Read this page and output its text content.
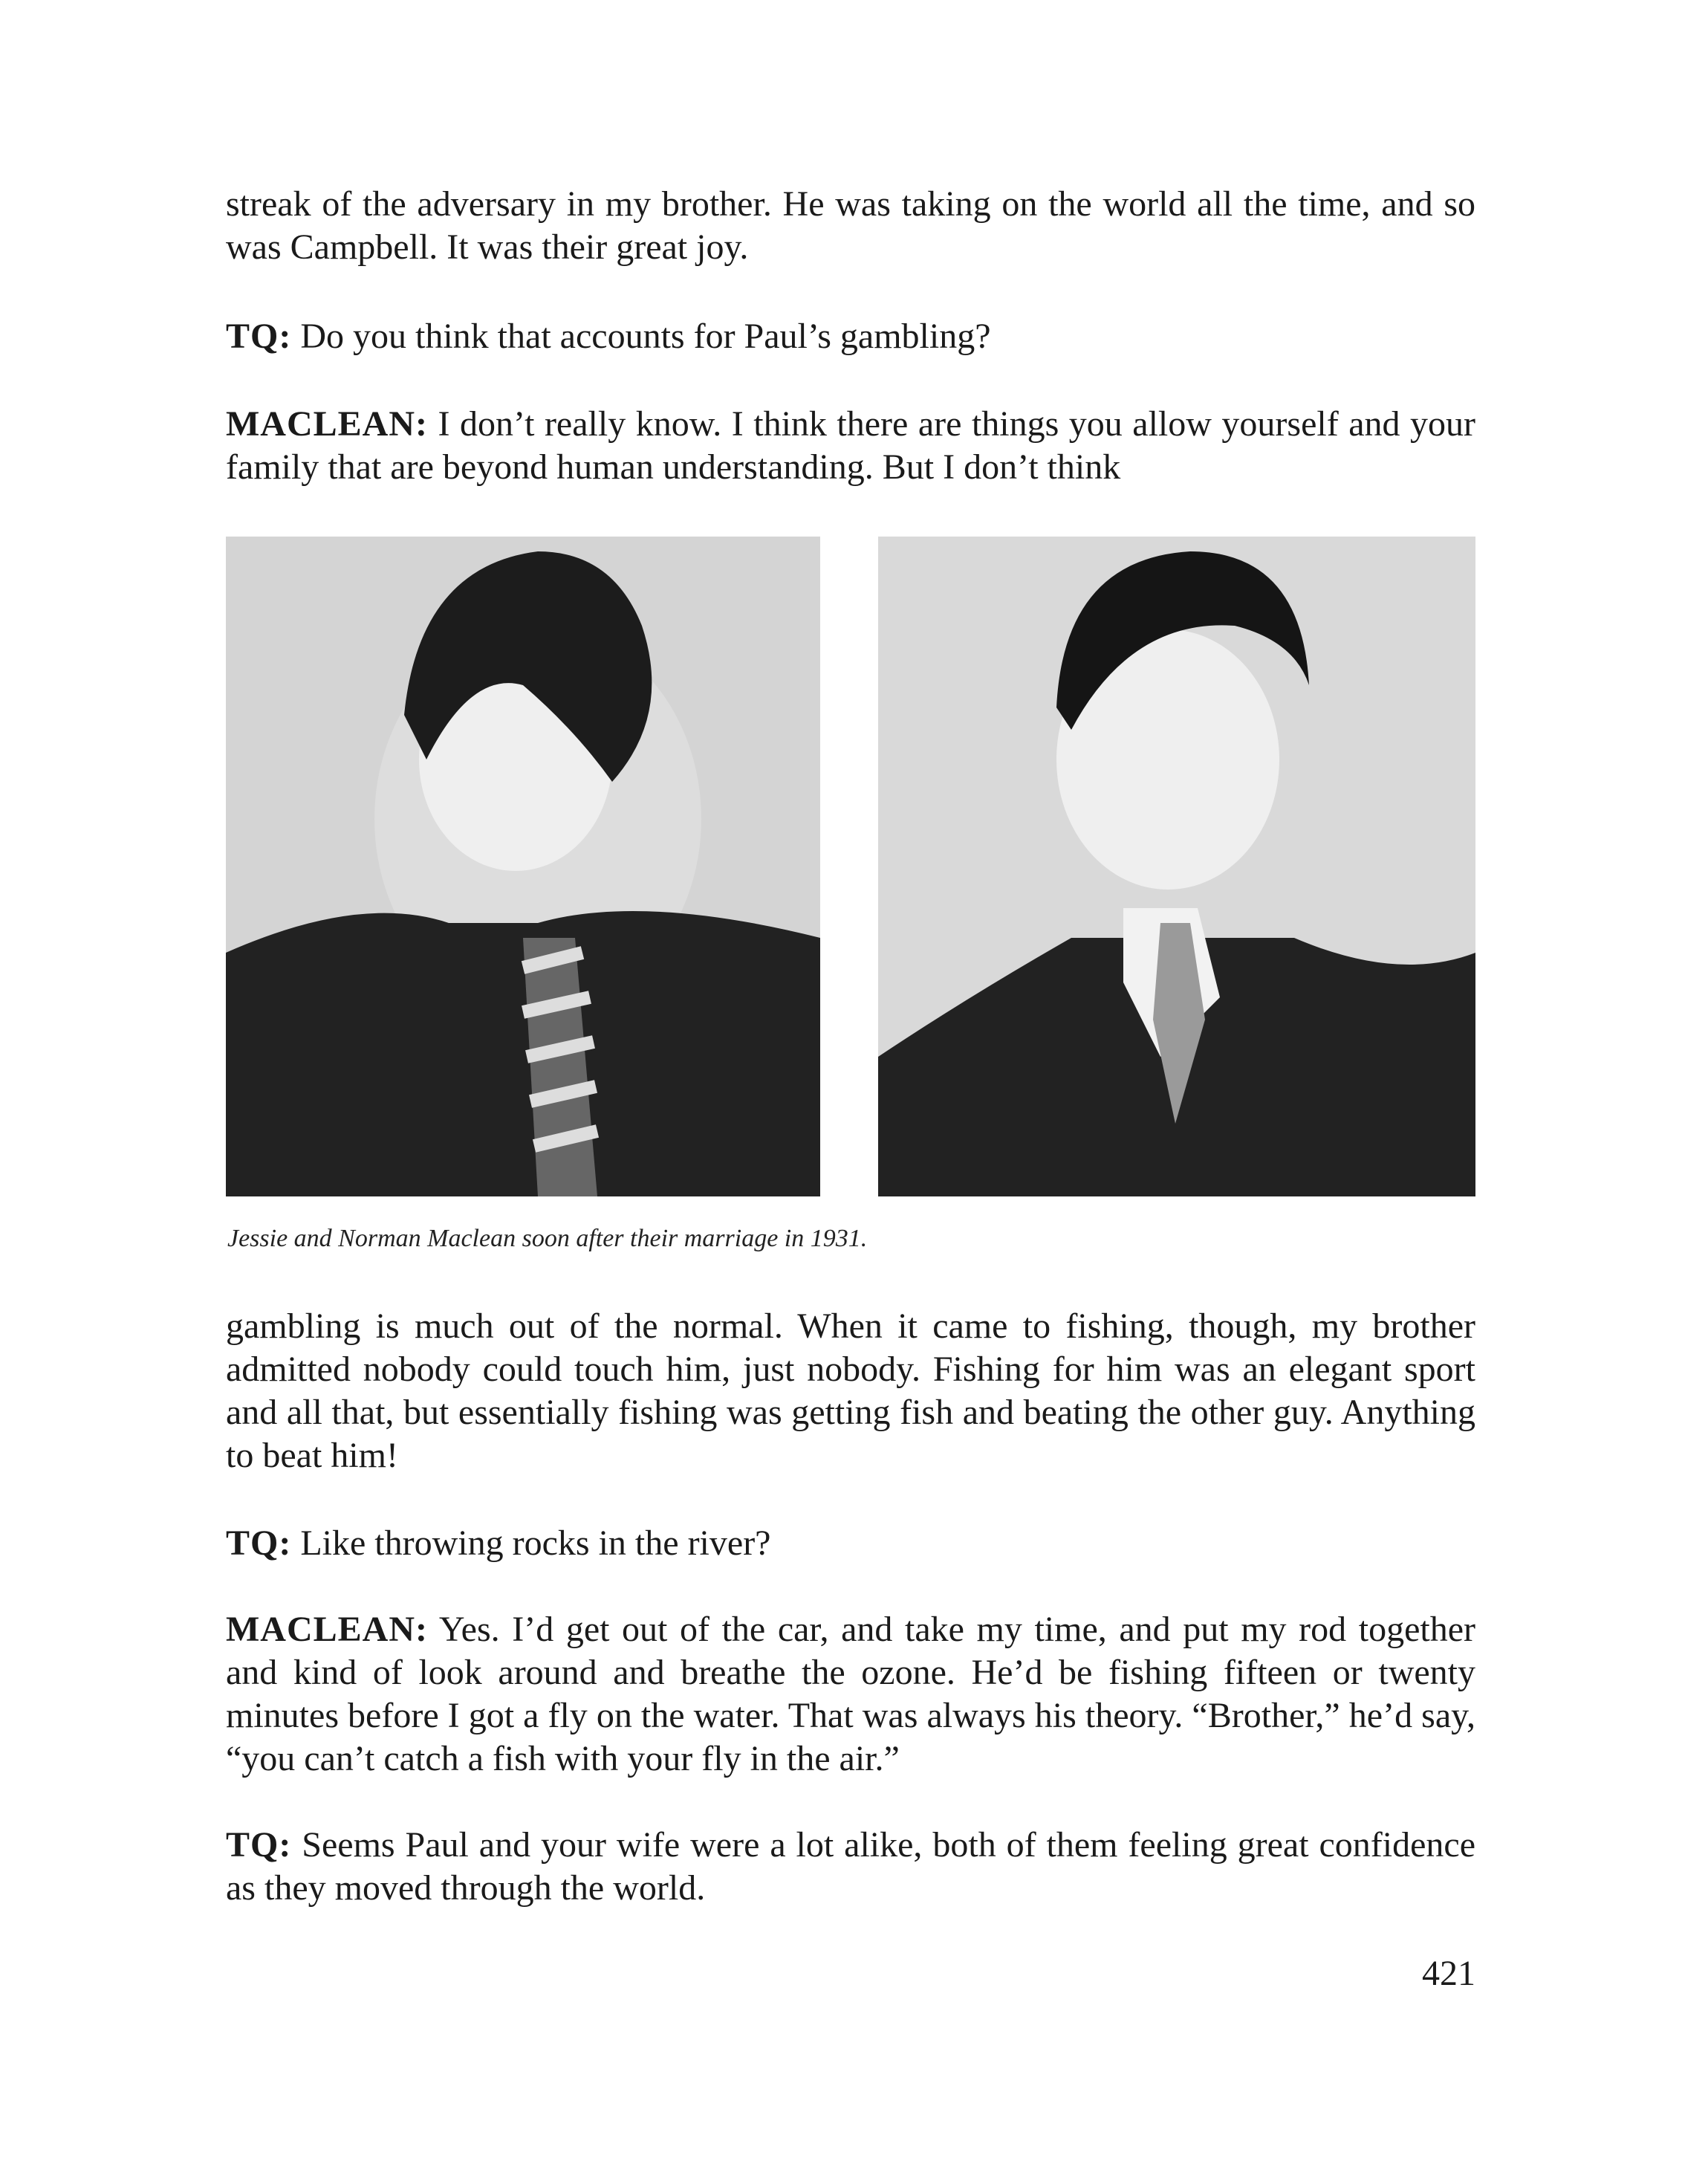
streak of the adversary in my brother. He was taking on the world all the time, and so was Campbell. It was their great joy.

TQ: Do you think that accounts for Paul’s gambling?

MACLEAN: I don’t really know. I think there are things you allow yourself and your family that are beyond human understanding. But I don’t think

Jessie and Norman Maclean soon after their marriage in 1931.

gambling is much out of the normal. When it came to fishing, though, my brother admitted nobody could touch him, just nobody. Fishing for him was an elegant sport and all that, but essentially fishing was getting fish and beating the other guy. Anything to beat him!

TQ: Like throwing rocks in the river?

MACLEAN: Yes. I’d get out of the car, and take my time, and put my rod together and kind of look around and breathe the ozone. He’d be fishing fifteen or twenty minutes before I got a fly on the water. That was always his theory. “Brother,” he’d say, “you can’t catch a fish with your fly in the air.”

TQ: Seems Paul and your wife were a lot alike, both of them feeling great confidence as they moved through the world.

421
